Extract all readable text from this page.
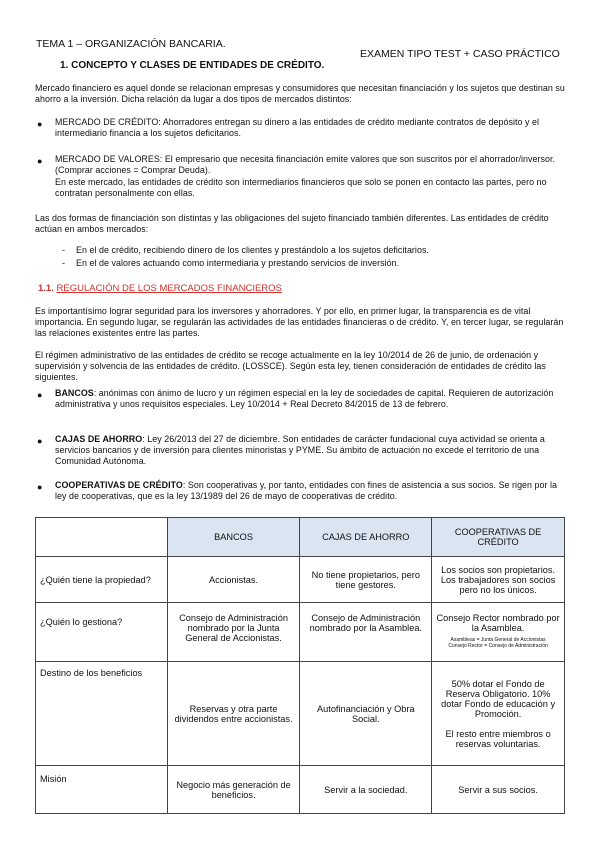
TEMA 1 – ORGANIZACIÓN BANCARIA.
EXAMEN TIPO TEST + CASO PRÁCTICO
1. CONCEPTO Y CLASES DE ENTIDADES DE CRÉDITO.
Mercado financiero es aquel donde se relacionan empresas y consumidores que necesitan financiación y los sujetos que destinan su ahorro a la inversión. Dicha relación da lugar a dos tipos de mercados distintos:
● MERCADO DE CRÉDITO: Ahorradores entregan su dinero a las entidades de crédito mediante contratos de depósito y el intermediario financia a los sujetos deficitarios.
● MERCADO DE VALORES: El empresario que necesita financiación emite valores que son suscritos por el ahorrador/inversor. (Comprar acciones = Comprar Deuda).
En este mercado, las entidades de crédito son intermediarios financieros que solo se ponen en contacto las partes, pero no contratan personalmente con ellas.
Las dos formas de financiación son distintas y las obligaciones del sujeto financiado también diferentes. Las entidades de crédito actúan en ambos mercados:
- En el de crédito, recibiendo dinero de los clientes y prestándolo a los sujetos deficitarios.
- En el de valores actuando como intermediaria y prestando servicios de inversión.
1.1. REGULACIÓN DE LOS MERCADOS FINANCIEROS
Es importantísimo lograr seguridad para los inversores y ahorradores. Y por ello, en primer lugar, la transparencia es de vital importancia. En segundo lugar, se regularán las actividades de las entidades financieras o de crédito. Y, en tercer lugar, se regularán las relaciones existentes entre las partes.
El régimen administrativo de las entidades de crédito se recoge actualmente en la ley 10/2014 de 26 de junio, de ordenación y supervisión y solvencia de las entidades de crédito. (LOSSCE). Según esta ley, tienen consideración de entidades de crédito las siguientes.
● BANCOS: anónimas con ánimo de lucro y un régimen especial en la ley de sociedades de capital. Requieren de autorización administrativa y unos requisitos especiales. Ley 10/2014 + Real Decreto 84/2015 de 13 de febrero.
● CAJAS DE AHORRO: Ley 26/2013 del 27 de diciembre. Son entidades de carácter fundacional cuya actividad se orienta a servicios bancarios y de inversión para clientes minoristas y PYME. Su ámbito de actuación no excede el territorio de una Comunidad Autónoma.
● COOPERATIVAS DE CRÉDITO: Son cooperativas y, por tanto, entidades con fines de asistencia a sus socios. Se rigen por la ley de cooperativas, que es la ley 13/1989 del 26 de mayo de cooperativas de crédito.
	BANCOS	CAJAS DE AHORRO	COOPERATIVAS DE CRÉDITO
¿Quién tiene la propiedad?	Accionistas.	No tiene propietarios, pero tiene gestores.	Los socios son propietarios. Los trabajadores son socios pero no los únicos.
¿Quién lo gestiona?	Consejo de Administración nombrado por la Junta General de Accionistas.	Consejo de Administración nombrado por la Asamblea.	Consejo Rector nombrado por la Asamblea.
Asambleas = Junta General de Accionistas
Consejo Rector = Consejo de Administración

Destino de los beneficios	Reservas y otra parte dividendos entre accionistas.	Autofinanciación y Obra Social.	50% dotar el Fondo de Reserva Obligatorio. 10% dotar Fondo de educación y Promoción.

El resto entre miembros o reservas voluntarias.
Misión	Negocio más generación de beneficios.	Servir a la sociedad.	Servir a sus socios.
